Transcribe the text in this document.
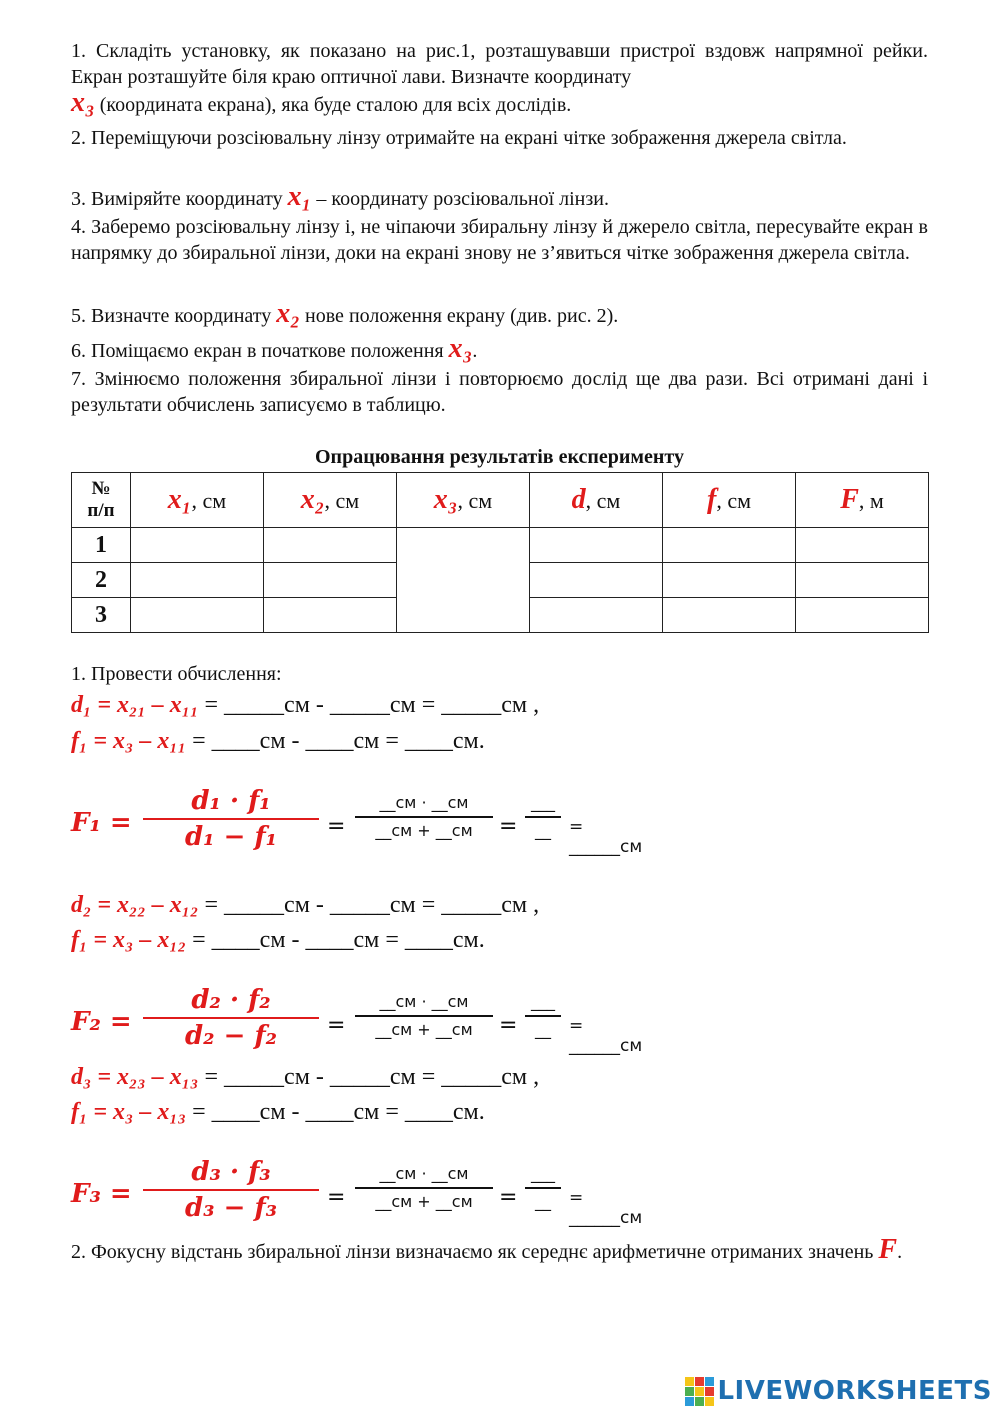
1. Складіть установку, як показано на рис.1, розташувавши пристрої вздовж напрямної рейки. Екран розташуйте біля краю оптичної лави. Визначте координату
x₃ (координата екрана), яка буде сталою для всіх дослідів.

2. Переміщуючи розсіювальну лінзу отримайте на екрані чітке зображення джерела світла.

3. Виміряйте координату x₁ – координату розсіювальної лінзи.

4. Заберемо розсіювальну лінзу і, не чіпаючи збиральну лінзу й джерело світла, пересувайте екран в напрямку до збиральної лінзи, доки на екрані знову не з’явиться чітке зображення джерела світла.

5. Визначте координату x₂ нове положення екрану (див. рис. 2).

6. Поміщаємо екран в початкове положення x₃.

7. Змінюємо положення збиральної лінзи і повторюємо дослід ще два рази. Всі отримані дані і результати обчислень записуємо в таблицю.

Опрацювання результатів експерименту
№
п/п	x₁, см	x₂, см	x₃, см	d, см	f, см	F, м
1						
2						
3						
1. Провести обчислення:
d₁ = x₂₁ – x₁₁ = _____см - _____см = _____см ,
f₁ = x₃ – x₁₁ = ____см - ____см = ____см.
F₁ =
d₁ · f₁
d₁ − f₁	=
__см · __см
__см + __см	=
___
__	= ______см
d₂ = x₂₂ – x₁₂ = _____см - _____см = _____см ,
f₁ = x₃ – x₁₂ = ____см - ____см = ____см.
F₂ =
d₂ · f₂
d₂ − f₂	=
__см · __см
__см + __см	=
___
__	= ______см
d₃ = x₂₃ – x₁₃ = _____см - _____см = _____см ,
f₁ = x₃ – x₁₃ = ____см - ____см = ____см.
F₃ =
d₃ · f₃
d₃ − f₃	=
__см · __см
__см + __см	=
___
__	= ______см

2. Фокусну відстань збиральної лінзи визначаємо як середнє арифметичне отриманих значень F.

LIVEWORKSHEETS
